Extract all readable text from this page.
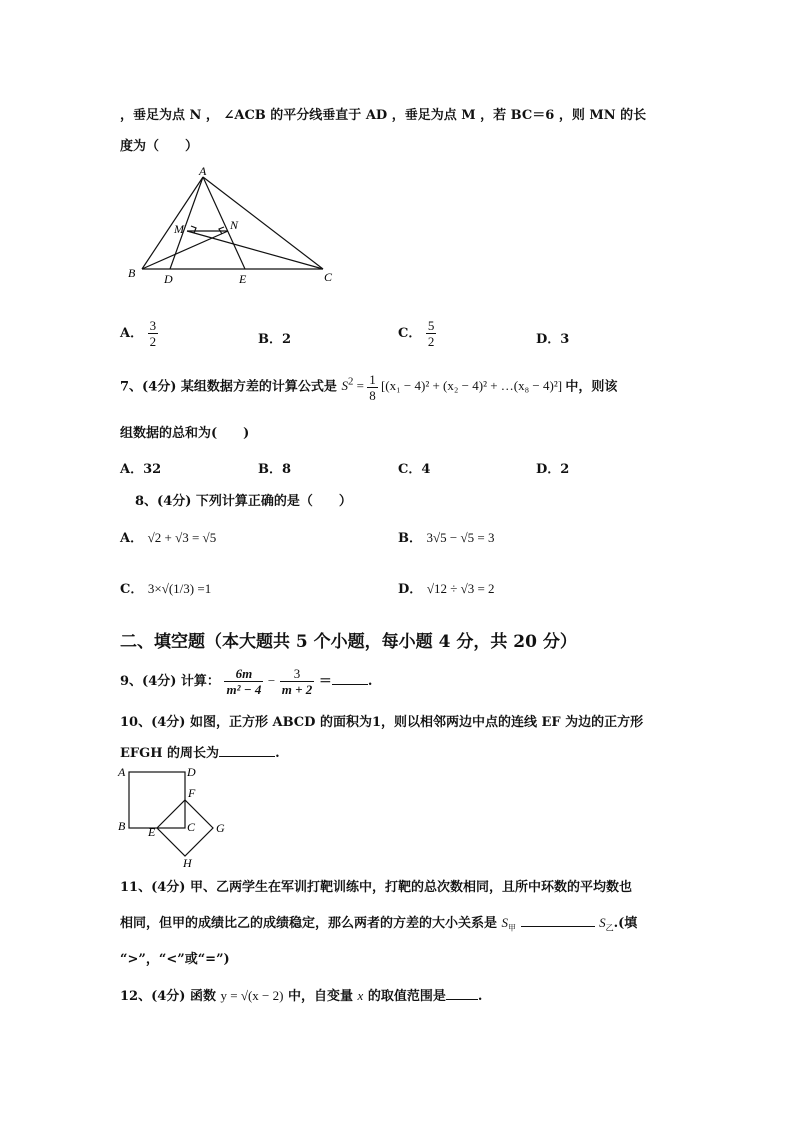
，垂足为点 N ， ∠ACB 的平分线垂直于 AD ，垂足为点 M ，若 BC＝6 ，则 MN 的长
度为（　　）
A
M	N
B D	E	C
A． $\frac{3}{2}$	B．2	C． $\frac{5}{2}$	D．3
7、(4分) 某组数据方差的计算公式是 $S^2 = \frac{1}{8} [(x_1 - 4)^2 + (x_2 - 4)^2$ + …(x₈ − 4)²] 中，则该
组数据的总和为(　　)
A．32	B．8	C．4	D．2
8、(4分) 下列计算正确的是（　　）
A． √2 + √3 = √5	B． 3√5 − √5 = 3
C． 3×√(1/3) =1	D． √12 ÷ √3 = 2
二、填空题（本大题共 5 个小题，每小题 4 分，共 20 分）
9、(4分) 计算： $\frac{6m}{\text{m² − 4}} - \frac{3}{m + 2}$ ＝	.
10、(4分) 如图，正方形 ABCD 的面积为1，则以相邻两边中点的连线 EF 为边的正方形
EFGH 的周长为	.
A	D
F
B E	C G
H
11、(4分) 甲、乙两学生在军训打靶训练中，打靶的总次数相同，且所中环数的平均数也
相同，但甲的成绩比乙的成绩稳定，那么两者的方差的大小关系是 $S_甲$	$S_乙$.(填
“>”，“<”或“=”)
12、(4分) 函数 y = √(x − 2) 中，自变量 x 的取值范围是 .
